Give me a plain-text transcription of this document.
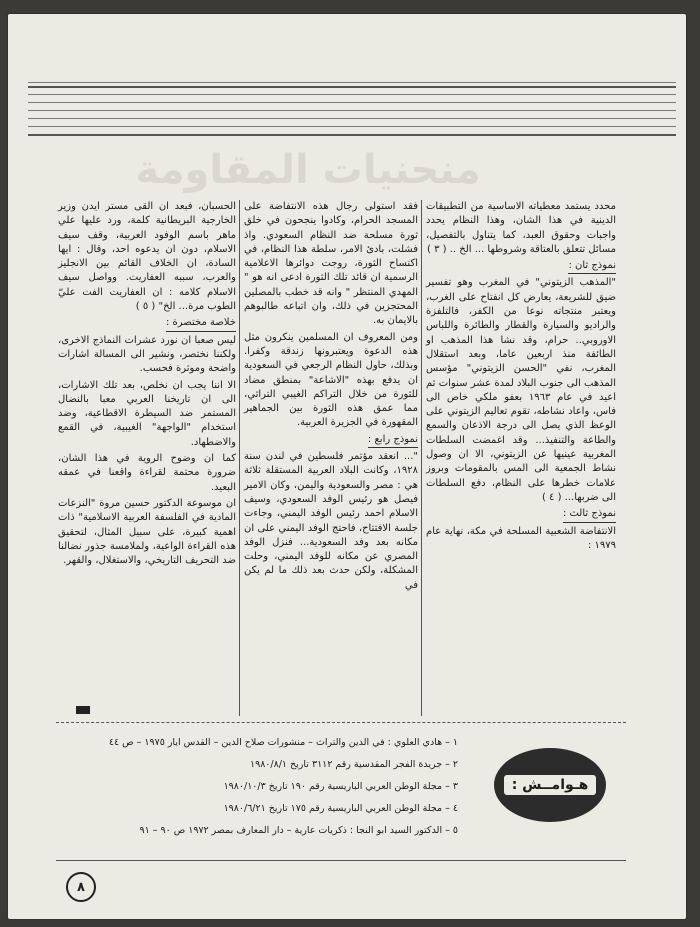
منحنيات المقاومة

محدد يستمد معطياته الاساسية من التطبيقات الدينية في هذا الشان، وهذا النظام يحدد واجبات وحقوق العبد، كما يتناول بالتفصيل، مسائل تتعلق بالعتاقة وشروطها ... الخ .. ( ٣ )

نموذج ثان :

"المذهب الزيتوني" في المغرب وهو تفسير ضيق للشريعة، يعارض كل انفتاح على الغرب، ويعتبر منتجاته نوعا من الكفر، فالتلفزة والراديو والسيارة والقطار والطائرة واللباس الاوروبي.. حرام، وقد نشا هذا المذهب او الطائفة منذ اربعين عاما، وبعد استقلال المغرب، نفي "الحسن الزيتوني" مؤسس المذهب الى جنوب البلاد لمدة عشر سنوات ثم اعيد في عام ١٩٦٣ بعفو ملكي خاص الى فاس، واعاد نشاطه، تقوم تعاليم الزيتوني على الوعظ الذي يصل الى درجة الاذعان والسمع والطاعة والتنفيذ... وقد اغمضت السلطات المغربية عينيها عن الزيتوني، الا ان وصول نشاط الجمعية الى المس بالمقومات وبروز علامات خطرها على النظام، دفع السلطات الى ضربها... ( ٤ )

نموذج ثالث :

الانتفاضة الشعبية المسلحة في مكة، نهاية عام ١٩٧٩ :

فقد استولى رجال هذه الانتفاضة على المسجد الحرام، وكادوا ينجحون في خلق ثورة مسلحة ضد النظام السعودي. واذ فشلت، بادئ الامر، سلطة هذا النظام، في اكتساح الثورة، روجت دوائرها الاعلامية الرسمية ان قائد تلك الثورة ادعى انه هو " المهدي المنتظر " وانه قد خطب بالمصلين المحتجزين في ذلك، وان اتباعه طالبوهم بالايمان به.

ومن المعروف ان المسلمين ينكرون مثل هذه الدعوة ويعتبرونها زندقة وكفرا. وبذلك، حاول النظام الرجعي في السعودية ان يدفع بهذه "الاشاعة" بمنطق مضاد للثورة من خلال التراكم الغيبي التراثي، مما عمق هذه الثورة بين الجماهير المقهورة في الجزيرة العربية.

نموذج رابع :

"... انعقد مؤتمر فلسطين في لندن سنة ١٩٢٨، وكانت البلاد العربية المستقلة ثلاثة هي : مصر والسعودية واليمن، وكان الامير فيصل هو رئيس الوفد السعودي، وسيف الاسلام احمد رئيس الوفد اليمني، وجاءت جلسة الافتتاح، فاحتج الوفد اليمني على ان مكانه بعد وفد السعودية... فنزل الوفد المصري عن مكانه للوفد اليمني، وحلت المشكلة، ولكن حدث بعد ذلك ما لم يكن في

الحسبان، فبعد ان القى مستر ايدن وزير الخارجية البريطانية كلمة، ورد عليها علي ماهر باسم الوفود العربية، وقف سيف الاسلام، دون ان يدعوه احد، وقال : ايها السادة، ان الخلاف القائم بين الانجليز والعرب، سببه العفاريت. وواصل سيف الاسلام كلامه : ان العفاريت الفت عليّ الطوب مرة... الخ" ( ٥ )

خلاصة مختصرة :

ليس صعبا ان نورد عشرات النماذج الاخرى، ولكننا نختصر، ونشير الى المسالة اشارات واضحة وموثرة فحسب.

الا اننا يجب ان نخلص، بعد تلك الاشارات، الى ان تاريخنا العربي معبا بالنضال المستمر ضد السيطرة الاقطاعية، وضد استخدام "الواجهة" الغيبية، في القمع والاضطهاد.

كما ان وضوح الروية في هذا الشان، ضرورة محتمة لقراءة واقعنا في عمقه البعيد.

ان موسوعة الدكتور حسين مروة "النزعات المادية في الفلسفة العربية الاسلامية" ذات اهمية كبيرة، على سبيل المثال، لتحقيق هذه القراءة الواعية، ولملامسة جذور نضالنا ضد التحريف التاريخي، والاستغلال، والقهر.

هـوامــش :
١ – هادي العلوي : في الدين والتراث – منشورات صلاح الدين – القدس ايار ١٩٧٥ – ص ٤٤
٢ – جريدة الفجر المقدسية رقم ٣١١٢ تاريخ ١٩٨٠/٨/١
٣ – مجلة الوطن العربي الباريسية رقم ١٩٠ تاريخ ١٩٨٠/١٠/٣
٤ – مجلة الوطن العربي الباريسية رقم ١٧٥ تاريخ ١٩٨٠/٦/٢١
٥ – الدكتور السيد ابو النجا : ذكريات عارية – دار المعارف بمصر ١٩٧٢ ص ٩٠ – ٩١
٨
